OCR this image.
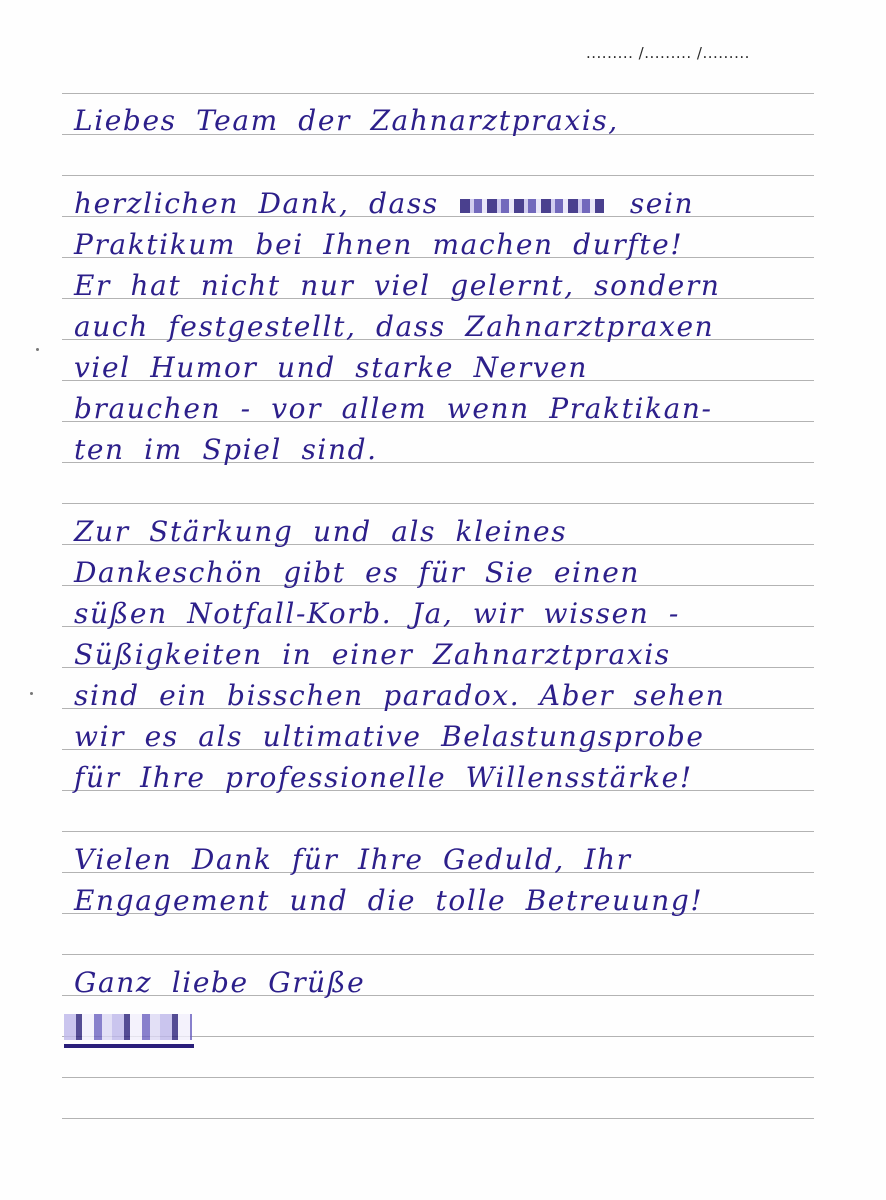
......... /......... /.........
Liebes Team der Zahnarztpraxis,
herzlichen Dank, dass	sein
Praktikum bei Ihnen machen durfte!
Er hat nicht nur viel gelernt, sondern
auch festgestellt, dass Zahnarztpraxen
viel Humor und starke Nerven
brauchen - vor allem wenn Praktikan-
ten im Spiel sind.
Zur Stärkung und als kleines
Dankeschön gibt es für Sie einen
süßen Notfall-Korb. Ja, wir wissen -
Süßigkeiten in einer Zahnarztpraxis
sind ein bisschen paradox. Aber sehen
wir es als ultimative Belastungsprobe
für Ihre professionelle Willensstärke!
Vielen Dank für Ihre Geduld, Ihr
Engagement und die tolle Betreuung!
Ganz liebe Grüße
